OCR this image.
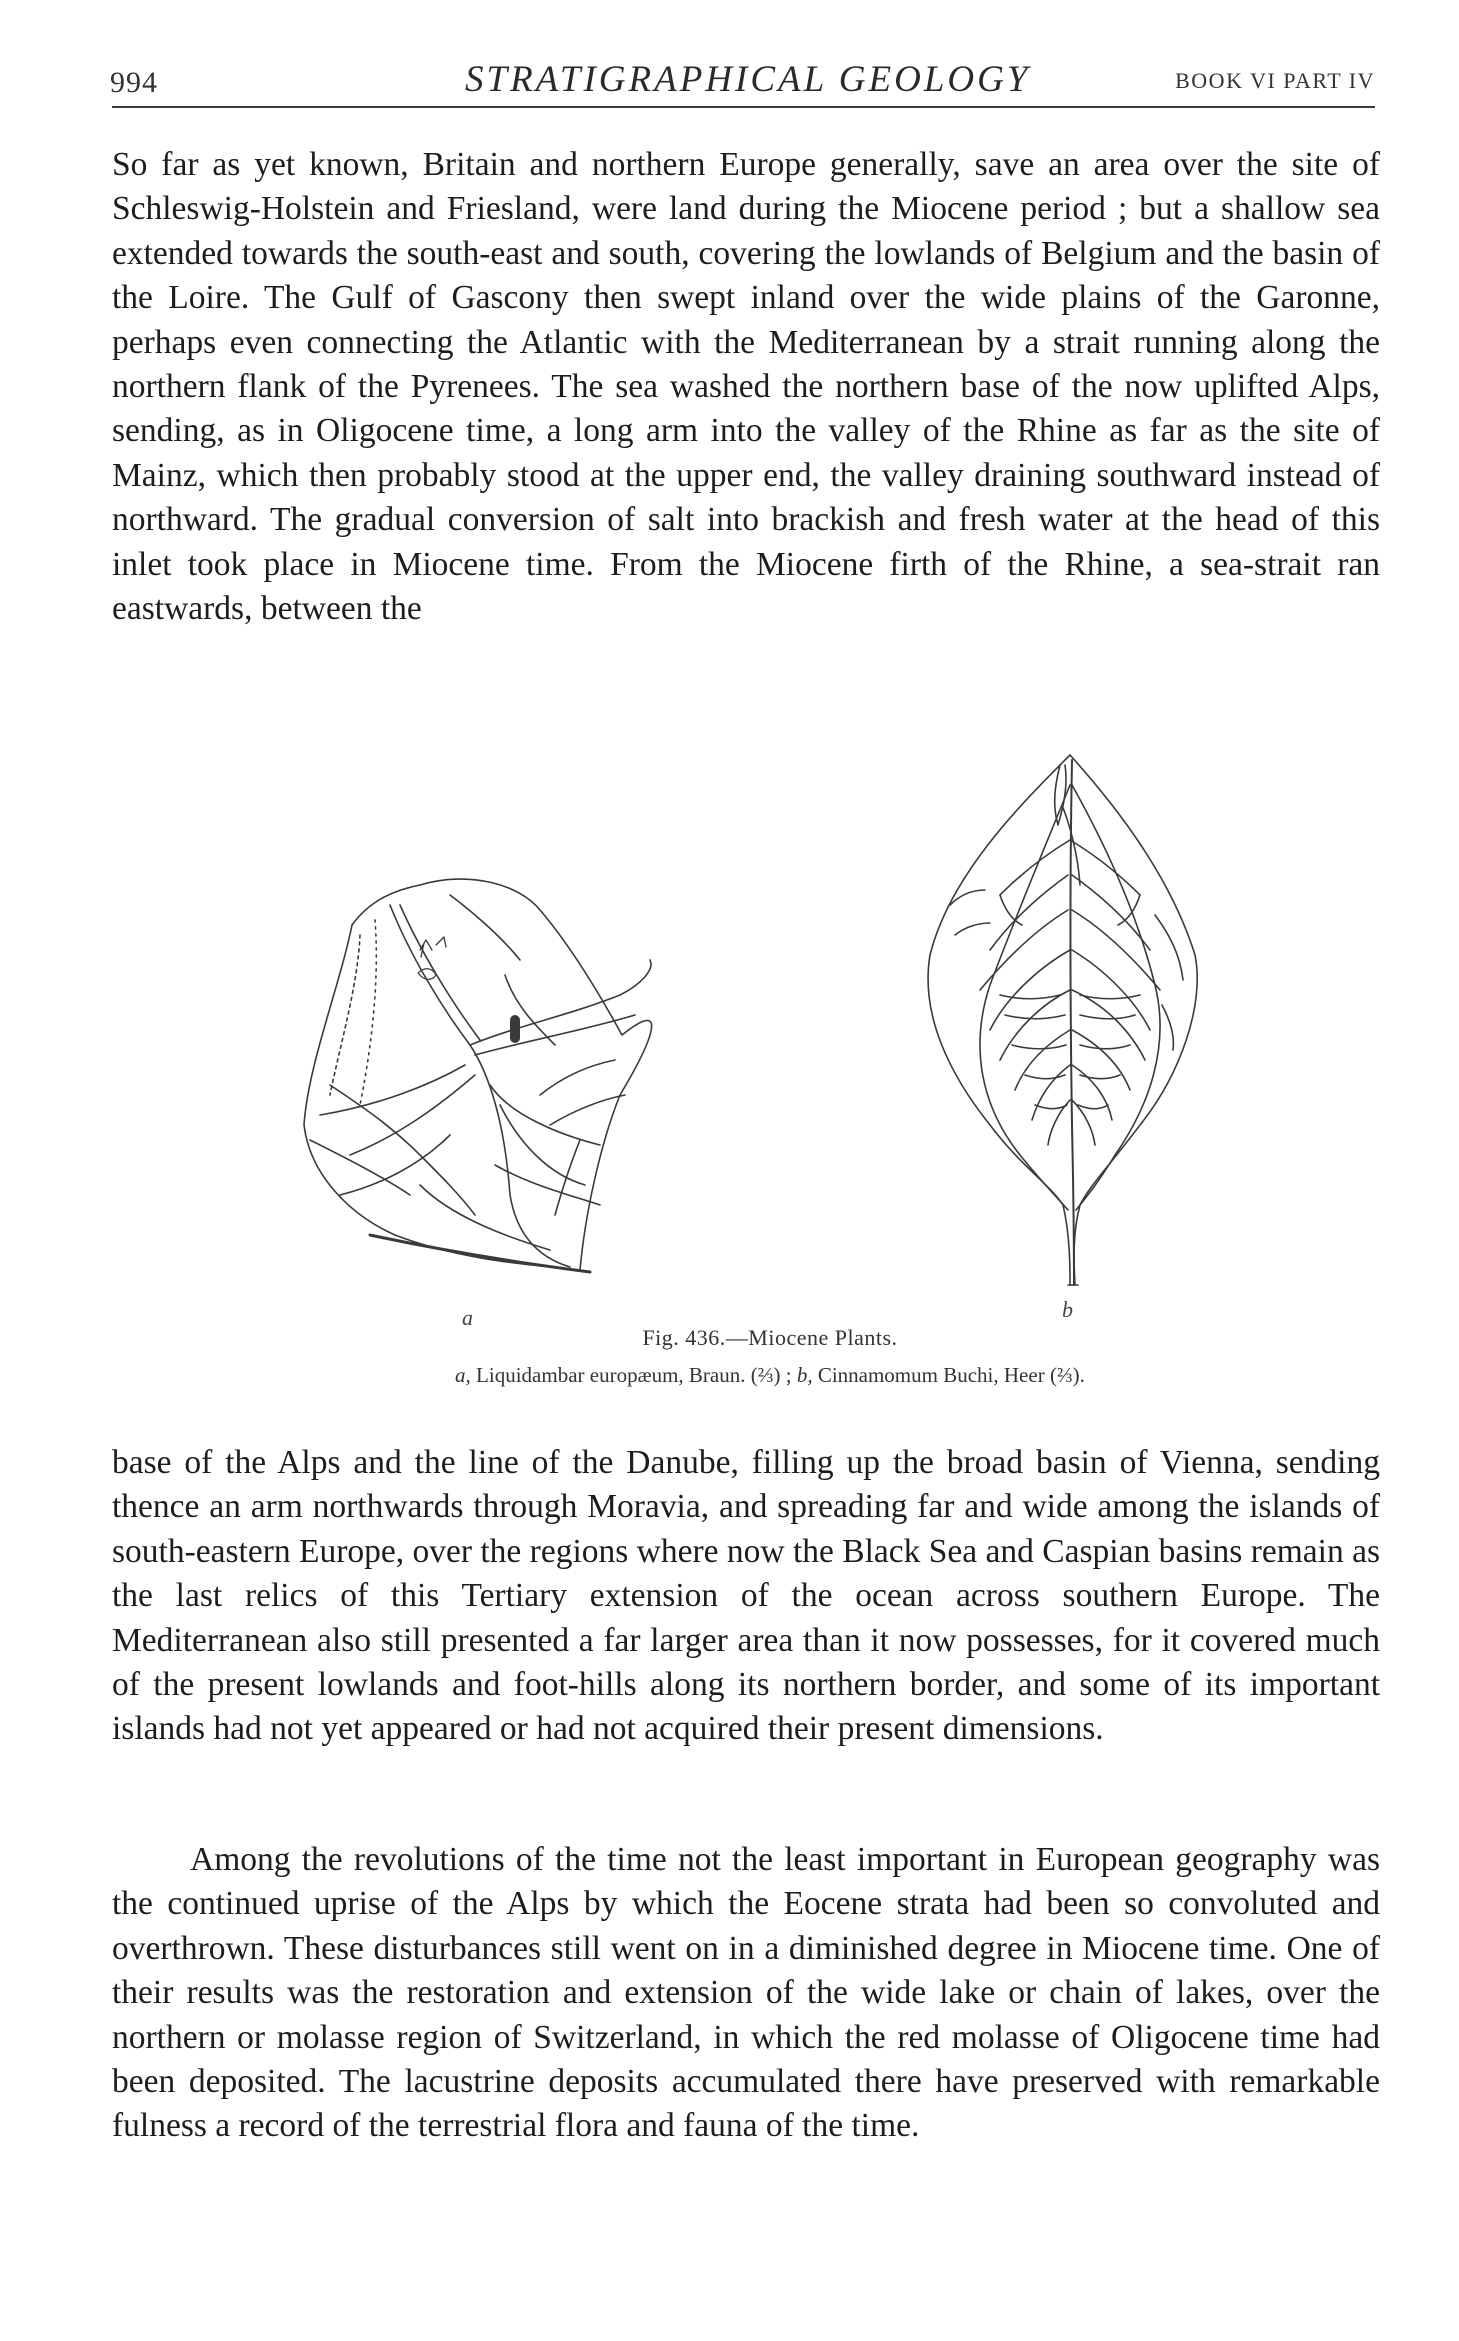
994	STRATIGRAPHICAL GEOLOGY	BOOK VI PART IV

So far as yet known, Britain and northern Europe generally, save an area over the site of Schleswig-Holstein and Friesland, were land during the Miocene period ; but a shallow sea extended towards the south-east and south, covering the lowlands of Belgium and the basin of the Loire. The Gulf of Gascony then swept inland over the wide plains of the Garonne, perhaps even connecting the Atlantic with the Mediterranean by a strait running along the northern flank of the Pyrenees. The sea washed the northern base of the now uplifted Alps, sending, as in Oligocene time, a long arm into the valley of the Rhine as far as the site of Mainz, which then probably stood at the upper end, the valley draining southward instead of northward. The gradual conversion of salt into brackish and fresh water at the head of this inlet took place in Miocene time. From the Miocene firth of the Rhine, a sea-strait ran eastwards, between the

a	b
Fig. 436.—Miocene Plants.
a, Liquidambar europæum, Braun. (⅔) ; b, Cinnamomum Buchi, Heer (⅔).

base of the Alps and the line of the Danube, filling up the broad basin of Vienna, sending thence an arm northwards through Moravia, and spreading far and wide among the islands of south-eastern Europe, over the regions where now the Black Sea and Caspian basins remain as the last relics of this Tertiary extension of the ocean across southern Europe. The Mediterranean also still presented a far larger area than it now possesses, for it covered much of the present lowlands and foot-hills along its northern border, and some of its important islands had not yet appeared or had not acquired their present dimensions.

Among the revolutions of the time not the least important in European geography was the continued uprise of the Alps by which the Eocene strata had been so convoluted and overthrown. These disturbances still went on in a diminished degree in Miocene time. One of their results was the restoration and extension of the wide lake or chain of lakes, over the northern or molasse region of Switzerland, in which the red molasse of Oligocene time had been deposited. The lacustrine deposits accumulated there have preserved with remarkable fulness a record of the terrestrial flora and fauna of the time.
